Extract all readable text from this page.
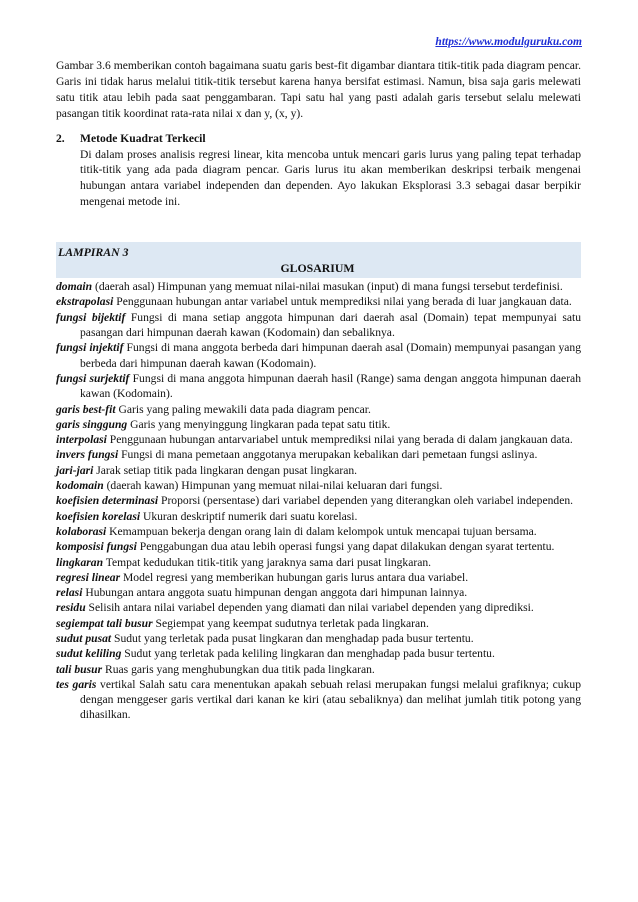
https://www.modulguruku.com

Gambar 3.6 memberikan contoh bagaimana suatu garis best-fit digambar diantara titik-titik pada diagram pencar. Garis ini tidak harus melalui titik-titik tersebut karena hanya bersifat estimasi. Namun, bisa saja garis melewati satu titik atau lebih pada saat penggambaran. Tapi satu hal yang pasti adalah garis tersebut selalu melewati pasangan titik koordinat rata-rata nilai x dan y, (x, y).

2.	Metode Kuadrat Terkecil
Di dalam proses analisis regresi linear, kita mencoba untuk mencari garis lurus yang paling tepat terhadap titik-titik yang ada pada diagram pencar. Garis lurus itu akan memberikan deskripsi terbaik mengenai hubungan antara variabel independen dan dependen. Ayo lakukan Eksplorasi 3.3 sebagai dasar berpikir mengenai metode ini.
LAMPIRAN 3
GLOSARIUM
domain (daerah asal) Himpunan yang memuat nilai-nilai masukan (input) di mana fungsi tersebut terdefinisi.
ekstrapolasi Penggunaan hubungan antar variabel untuk memprediksi nilai yang berada di luar jangkauan data.
fungsi bijektif Fungsi di mana setiap anggota himpunan dari daerah asal (Domain) tepat mempunyai satu pasangan dari himpunan daerah kawan (Kodomain) dan sebaliknya.
fungsi injektif Fungsi di mana anggota berbeda dari himpunan daerah asal (Domain) mempunyai pasangan yang berbeda dari himpunan daerah kawan (Kodomain).
fungsi surjektif Fungsi di mana anggota himpunan daerah hasil (Range) sama dengan anggota himpunan daerah kawan (Kodomain).
garis best-fit Garis yang paling mewakili data pada diagram pencar.
garis singgung Garis yang menyinggung lingkaran pada tepat satu titik.
interpolasi Penggunaan hubungan antarvariabel untuk memprediksi nilai yang berada di dalam jangkauan data.
invers fungsi Fungsi di mana pemetaan anggotanya merupakan kebalikan dari pemetaan fungsi aslinya.
jari-jari Jarak setiap titik pada lingkaran dengan pusat lingkaran.
kodomain (daerah kawan) Himpunan yang memuat nilai-nilai keluaran dari fungsi.
koefisien determinasi Proporsi (persentase) dari variabel dependen yang diterangkan oleh variabel independen.
koefisien korelasi Ukuran deskriptif numerik dari suatu korelasi.
kolaborasi Kemampuan bekerja dengan orang lain di dalam kelompok untuk mencapai tujuan bersama.
komposisi fungsi Penggabungan dua atau lebih operasi fungsi yang dapat dilakukan dengan syarat tertentu.
lingkaran Tempat kedudukan titik-titik yang jaraknya sama dari pusat lingkaran.
regresi linear Model regresi yang memberikan hubungan garis lurus antara dua variabel.
relasi Hubungan antara anggota suatu himpunan dengan anggota dari himpunan lainnya.
residu Selisih antara nilai variabel dependen yang diamati dan nilai variabel dependen yang diprediksi.
segiempat tali busur Segiempat yang keempat sudutnya terletak pada lingkaran.
sudut pusat Sudut yang terletak pada pusat lingkaran dan menghadap pada busur tertentu.
sudut keliling Sudut yang terletak pada keliling lingkaran dan menghadap pada busur tertentu.
tali busur Ruas garis yang menghubungkan dua titik pada lingkaran.
tes garis vertikal Salah satu cara menentukan apakah sebuah relasi merupakan fungsi melalui grafiknya; cukup dengan menggeser garis vertikal dari kanan ke kiri (atau sebaliknya) dan melihat jumlah titik potong yang dihasilkan.
